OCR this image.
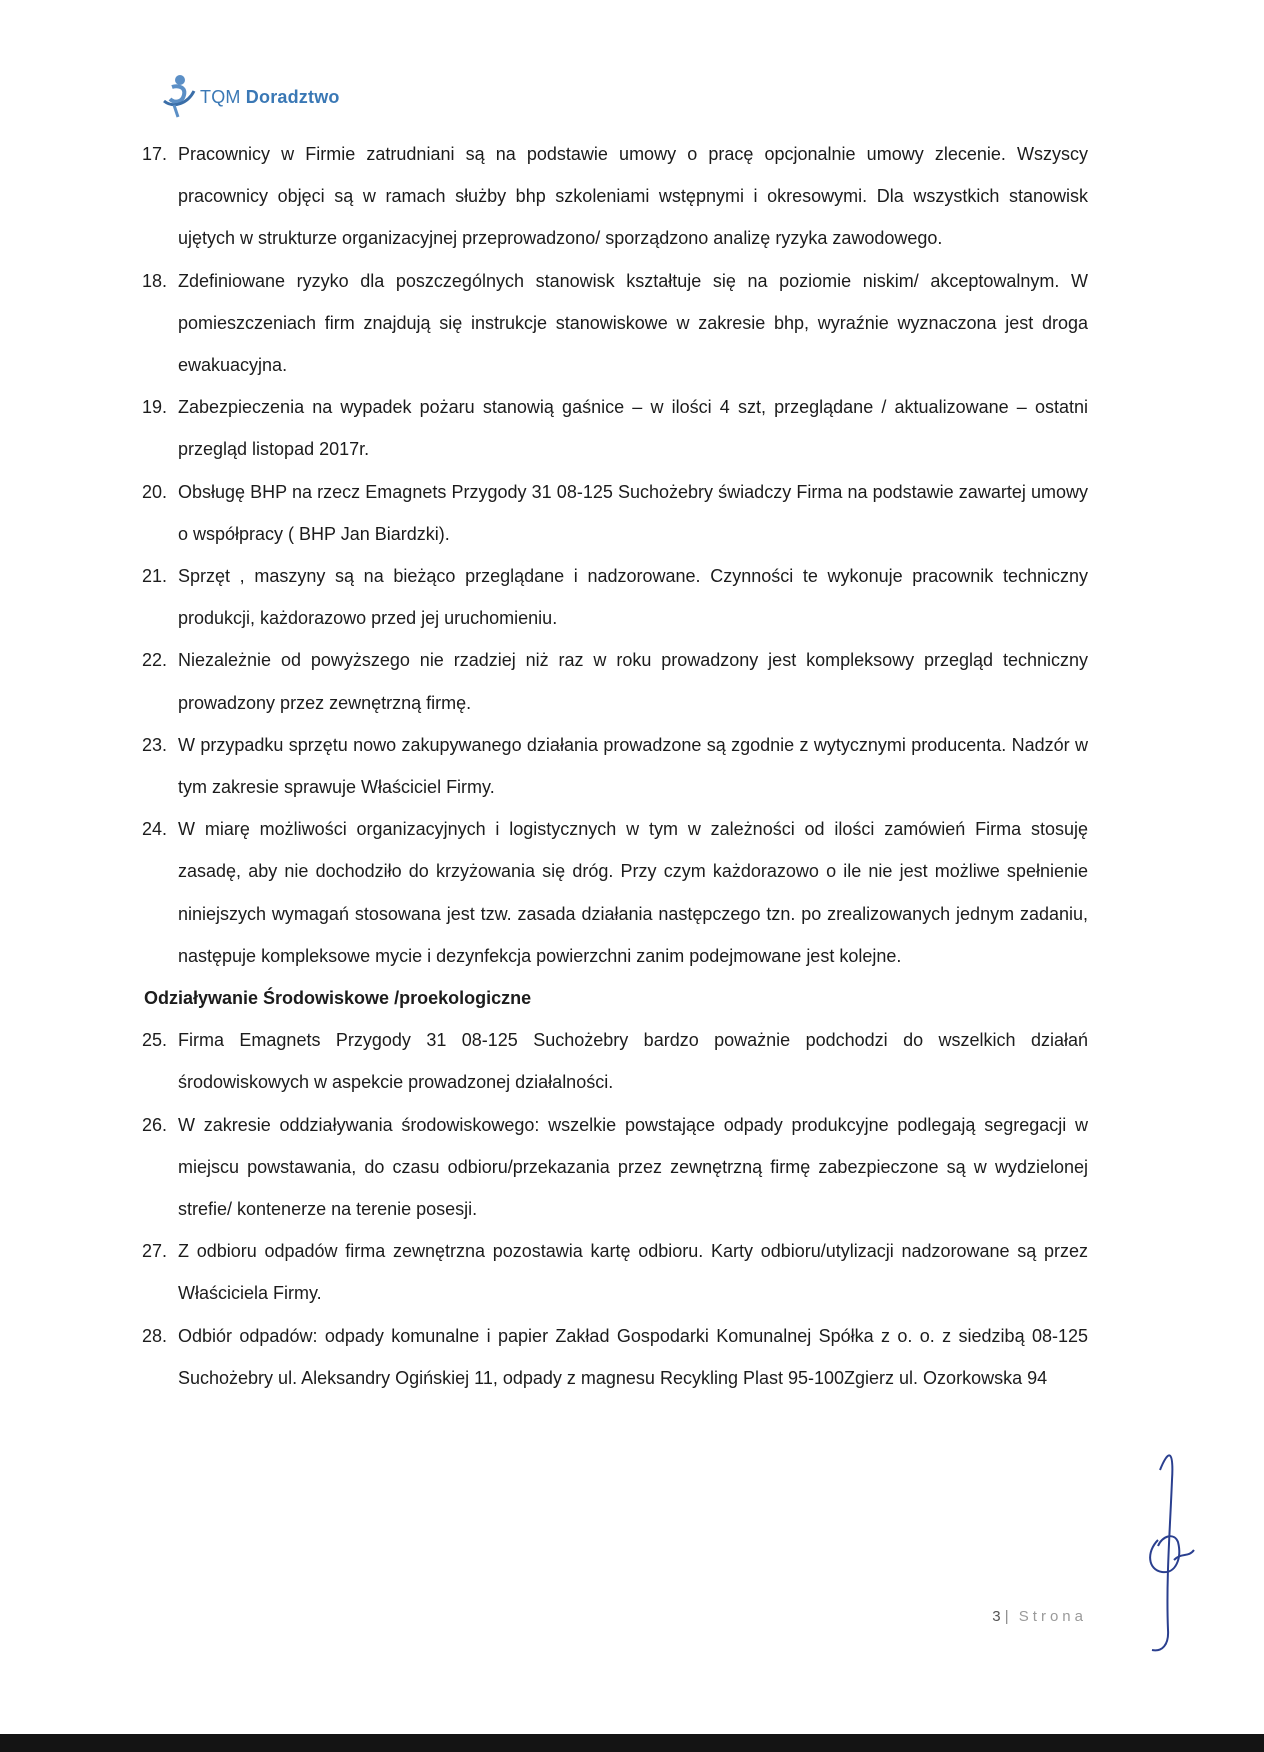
TQM Doradztwo
17. Pracownicy w Firmie zatrudniani są na podstawie umowy o pracę opcjonalnie umowy zlecenie. Wszyscy pracownicy objęci są w ramach służby bhp szkoleniami wstępnymi i okresowymi. Dla wszystkich stanowisk ujętych w strukturze organizacyjnej przeprowadzono/ sporządzono analizę ryzyka zawodowego.
18. Zdefiniowane ryzyko dla poszczególnych stanowisk kształtuje się na poziomie niskim/ akceptowalnym. W pomieszczeniach firm znajdują się instrukcje stanowiskowe w zakresie bhp, wyraźnie wyznaczona jest droga ewakuacyjna.
19. Zabezpieczenia na wypadek pożaru stanowią gaśnice – w ilości 4 szt, przeglądane / aktualizowane – ostatni przegląd listopad 2017r.
20. Obsługę BHP na rzecz Emagnets Przygody 31 08-125 Suchożebry świadczy Firma na podstawie zawartej umowy o współpracy ( BHP Jan Biardzki).
21. Sprzęt , maszyny są na bieżąco przeglądane i nadzorowane. Czynności te wykonuje pracownik techniczny produkcji, każdorazowo przed jej uruchomieniu.
22. Niezależnie od powyższego nie rzadziej niż raz w roku prowadzony jest kompleksowy przegląd techniczny prowadzony przez zewnętrzną firmę.
23. W przypadku sprzętu nowo zakupywanego działania prowadzone są zgodnie z wytycznymi producenta. Nadzór w tym zakresie sprawuje Właściciel Firmy.
24. W miarę możliwości organizacyjnych i logistycznych w tym w zależności od ilości zamówień Firma stosuję zasadę, aby nie dochodziło do krzyżowania się dróg. Przy czym każdorazowo o ile nie jest możliwe spełnienie niniejszych wymagań stosowana jest tzw. zasada działania następczego tzn. po zrealizowanych jednym zadaniu, następuje kompleksowe mycie i dezynfekcja powierzchni zanim podejmowane jest kolejne.
Odziaływanie Środowiskowe /proekologiczne
25. Firma Emagnets Przygody 31 08-125 Suchożebry bardzo poważnie podchodzi do wszelkich działań środowiskowych w aspekcie prowadzonej działalności.
26. W zakresie oddziaływania środowiskowego: wszelkie powstające odpady produkcyjne podlegają segregacji w miejscu powstawania, do czasu odbioru/przekazania przez zewnętrzną firmę zabezpieczone są w wydzielonej strefie/ kontenerze na terenie posesji.
27. Z odbioru odpadów firma zewnętrzna pozostawia kartę odbioru. Karty odbioru/utylizacji nadzorowane są przez Właściciela Firmy.
28. Odbiór odpadów: odpady komunalne i papier Zakład Gospodarki Komunalnej Spółka z o. o. z siedzibą 08-125 Suchożebry ul. Aleksandry Ogińskiej 11, odpady z magnesu Recykling Plast 95-100Zgierz ul. Ozorkowska 94
3 | Strona
